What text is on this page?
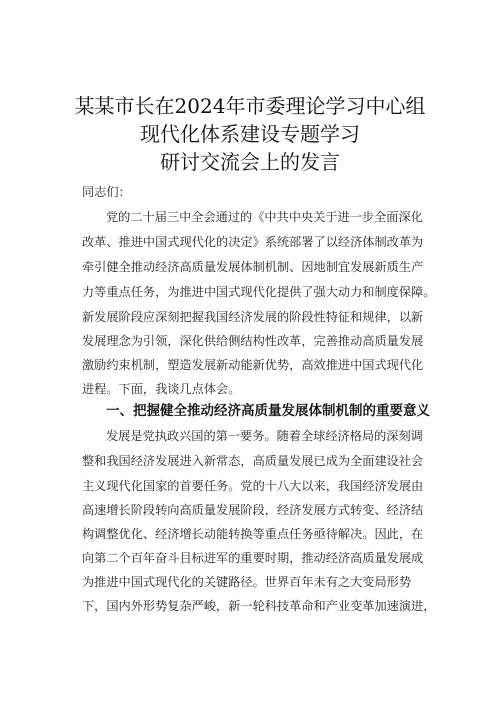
某某市长在2024年市委理论学习中心组
现代化体系建设专题学习
研讨交流会上的发言
同志们：
党的二十届三中全会通过的《中共中央关于进一步全面深化
改革、推进中国式现代化的决定》系统部署了以经济体制改革为
牵引健全推动经济高质量发展体制机制、因地制宜发展新质生产
力等重点任务，为推进中国式现代化提供了强大动力和制度保障。
新发展阶段应深刻把握我国经济发展的阶段性特征和规律，以新
发展理念为引领，深化供给侧结构性改革，完善推动高质量发展
激励约束机制，塑造发展新动能新优势，高效推进中国式现代化
进程。下面，我谈几点体会。
一、把握健全推动经济高质量发展体制机制的重要意义
发展是党执政兴国的第一要务。随着全球经济格局的深刻调
整和我国经济发展进入新常态，高质量发展已成为全面建设社会
主义现代化国家的首要任务。党的十八大以来，我国经济发展由
高速增长阶段转向高质量发展阶段，经济发展方式转变、经济结
构调整优化、经济增长动能转换等重点任务亟待解决。因此，在
向第二个百年奋斗目标进军的重要时期，推动经济高质量发展成
为推进中国式现代化的关键路径。世界百年未有之大变局形势
下，国内外形势复杂严峻，新一轮科技革命和产业变革加速演进，
